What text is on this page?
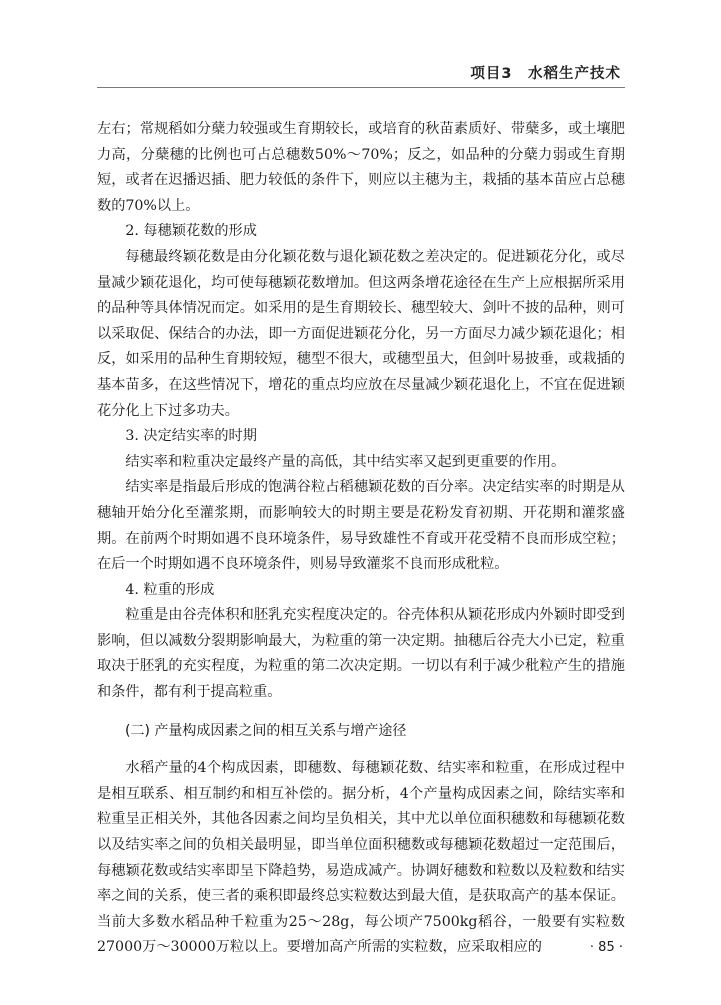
项目3　水稻生产技术

左右；常规稻如分蘖力较强或生育期较长，或培育的秋苗素质好、带蘖多，或土壤肥力高，分蘖穗的比例也可占总穗数50%～70%；反之，如品种的分蘖力弱或生育期短，或者在迟播迟插、肥力较低的条件下，则应以主穗为主，栽插的基本苗应占总穗数的70%以上。

2. 每穗颖花数的形成

每穗最终颖花数是由分化颖花数与退化颖花数之差决定的。促进颖花分化，或尽量减少颖花退化，均可使每穗颖花数增加。但这两条增花途径在生产上应根据所采用的品种等具体情况而定。如采用的是生育期较长、穗型较大、剑叶不披的品种，则可以采取促、保结合的办法，即一方面促进颖花分化，另一方面尽力减少颖花退化；相反，如采用的品种生育期较短，穗型不很大，或穗型虽大，但剑叶易披垂，或栽插的基本苗多，在这些情况下，增花的重点均应放在尽量减少颖花退化上，不宜在促进颖花分化上下过多功夫。

3. 决定结实率的时期

结实率和粒重决定最终产量的高低，其中结实率又起到更重要的作用。

结实率是指最后形成的饱满谷粒占稻穗颖花数的百分率。决定结实率的时期是从穗轴开始分化至灌浆期，而影响较大的时期主要是花粉发育初期、开花期和灌浆盛期。在前两个时期如遇不良环境条件，易导致雄性不育或开花受精不良而形成空粒；在后一个时期如遇不良环境条件，则易导致灌浆不良而形成秕粒。

4. 粒重的形成

粒重是由谷壳体积和胚乳充实程度决定的。谷壳体积从颖花形成内外颖时即受到影响，但以减数分裂期影响最大，为粒重的第一决定期。抽穗后谷壳大小已定，粒重取决于胚乳的充实程度，为粒重的第二次决定期。一切以有利于减少秕粒产生的措施和条件，都有利于提高粒重。

(二) 产量构成因素之间的相互关系与增产途径

水稻产量的4个构成因素，即穗数、每穗颖花数、结实率和粒重，在形成过程中是相互联系、相互制约和相互补偿的。据分析，4个产量构成因素之间，除结实率和粒重呈正相关外，其他各因素之间均呈负相关，其中尤以单位面积穗数和每穗颖花数以及结实率之间的负相关最明显，即当单位面积穗数或每穗颖花数超过一定范围后，每穗颖花数或结实率即呈下降趋势，易造成减产。协调好穗数和粒数以及粒数和结实率之间的关系，使三者的乘积即最终总实粒数达到最大值，是获取高产的基本保证。当前大多数水稻品种千粒重为25～28g，每公顷产7500kg稻谷，一般要有实粒数27000万～30000万粒以上。要增加高产所需的实粒数，应采取相应的	· 85 ·
